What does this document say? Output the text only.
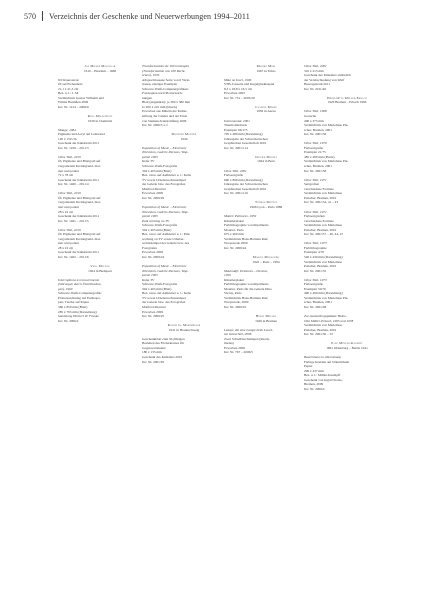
570 Verzeichnis der Geschenke und Neuerwerbungen 1994–2011
Jan Miense Molenaar
1610 – Haarlem – 1668
Wirtshausszene
Öl auf Eichenholz
21,1 x 21,3 cm
Bez. u. l.: J. M.
Vermächtnis Gustav Wilhelm und
Wilma Harmßen 2006
Inv. Nr. 1414 – 2006/6
Rosa Möllenhoff
1939 in Chemnitz
Muage, 1984
Pigmente und Acryl auf Leinwand
120 x 150 cm
Geschenk der Künstlerin 2011
Inv. Nr. 1459 – 2011/3
Ohne Titel, 2010
Öl, Pigmente und Blattgold auf
vergoldetem Kreidegrund, mat-
tiert und poliert
72 x 78 cm
Geschenk der Künstlerin 2011
Inv. Nr. 1460 – 2011/4
Ohne Titel, 2010
Öl, Pigmente und Blattgold auf
vergoldetem Kreidegrund, mat-
tiert und poliert
28 x 22 cm
Geschenk der Künstlerin 2011
Inv. Nr. 1461 – 2011/5
Ohne Titel, 2010
Öl, Pigmente und Blattgold auf
vergoldetem Kreidegrund, mat-
tiert und poliert
28 x 22 cm
Geschenk der Künstlerin 2011
Inv. Nr. 1462 – 2011/6
Vera Molnar
1924 in Budapest
Interruptions à recouvrements
(Störungen durch Überblendun-
gen), 1969
Schwarz-Weiß-Computergrafik:
Plotterzeichnung auf Endlospa-
pier, Tusche auf Papier
360 x 850 mm (Blatt)
285 x 765 mm (Darstellung)
Sammlung Herbert W. Franke
Inv. Nr. 2006/2
Transformations de 160 rectangles
(Transformation von 160 Recht-
ecken), 1976
Albgeschlossene Serie von 6 Varia-
tionen, einziges Exemplar
Schwarz-Weiß-Computergrafiken:
Fotokopien nach Plotterzeich-
nungen
Blatt (ungekürzt): je 390 x 380 mm
Je 200 x 210 mm (Druck)
Erworben aus Mitteln der Kultur-
stiftung der Länder und der Ernst
von Siemens Kunststiftung 2006
Inv. Nr. 2006/3 a–f
Manfred Montwé
1940
Exposition of Music – Electronic
Television, Galerie Parnass, Wup-
pertal 1963
Kuba TV
Schwarz-Weiß-Fotografie
304 x 405 mm (Blatt)
Bez. verso auf Aufkleber u. l.: Kuba
TV sowie Urheberrechtsstempel
der Galerie bzw. des Fotografen
Manfred Montwé
Erworben 2009
Inv. Nr. 2009/26
Exposition of Music – Electronic
Television, Galerie Parnass, Wup-
pertal 1963
Paik working on TV
Schwarz-Weiß-Fotografie
304 x 405 mm (Blatt)
Bez. verso auf Aufkleber u. l.: Paik
working on TV sowie Urheber-
rechtsstempel der Galerie bzw. des
Fotografen
Erworben 2009
Inv. Nr. 2009/24
Exposition of Music – Electronic
Television, Galerie Parnass, Wup-
pertal 1963
Kuba TV
Schwarz-Weiß-Fotografie
304 x 405 mm (Blatt)
Bez. verso auf Aufkleber u. l.: Kuba
TV sowie Urheberrechtsstempel
der Galerie bzw. des Fotografen
Manfred Montwé
Erworben 2009
Inv. Nr. 2009/25
Rainer G. Mordmüller
1941 in Braunschweig
Geschenkblatt zum 50-jährigen
Bestehen des Förderkreises für
Gegenwartskunst
180 x 135 mm
Geschenk des Künstlers 2001
Inv. Nr. 2001/65
Mariko Mori
1967 in Tokio
Miko no Inori, 1996
VHS-Cassette und Kugelglasklaspiel
8,3 x 18,8 x 16,5 cm
Erworben 2003
Inv. Nr. 751 – 2003/20
Claudio Moser
1959 in Aarau
Instrumental, 2001
Thermotintdruck
Exemplar 96/175
705 x 489 mm (Darstellung)
Jahresgabe der Schweizerischen
Graphischen Gesellschaft 2001
Inv. Nr. 2001/114
Olivier Mosset
1944 in Bern
Ohne Titel, 2001
Farbserigrafie
660 x 860 mm (Darstellung)
Jahresgabe der Schweizerischen
Graphischen Gesellschaft 2001
Inv. Nr. 2001/116
Thomas Mottet
1906 Lyon – Paris 1988
Mottet: Peintures, 1959
Künstlerplakat
Farblithographie von Imprimerie
Mourlot, Paris
675 x 460 mm
Vermächtnis Hans-Herman Rief,
Worpswede 2009
Inv. Nr. 2009/44
Marcel Mouloudji
1922 – Paris – 1994
Mouloudji: Peintures – Dessins,
1950
Künstlerplakat
Farblithographie von Imprimerie
Mourlot, Paris für die Galerie Dina
Vierny, Paris
Vermächtnis Hans-Herman Rief,
Worpswede, 2009
Inv. Nr. 2009/45
Horst Müller
1949 in Bremen
Lampe, die eine Lampe beim Leuch-
ten beleuchtet, 2006
Zwei Schreibtischlampen (Ready-
mades)
Erworben 2006
Inv. Nr. 767 – 2006/5
Ohne Titel, 2001
310 x 215 mm
Geschenk des Künstlers anlässlich
der Verabschiedung von Wulf
Herzogenrath 2011
Inv. Nr. 2011/46
Heinz-Otto Müller-Erbach
1920 Bremen – Erbach 1984
Ohne Titel, 1968
Gouache
400 x 375 mm
Vermächtnis von Marieliese Put-
scher, Bremen, 2001
Inv. Nr. 2001/36
Ohne Titel, 1970
Farbserigrafie
Exemplar 21/75
485 x 490 mm (Platte)
Vermächtnis von Marieliese Put-
scher, Bremen, 2001
Inv. Nr. 2001/36
Ohne Titel, 1971
Serigrafien
verschiedene Formate
Vermächtnis von Marieliese
Putscher, Bremen, 2001
Inv. Nr. 2001/34, 41 – 43
Ohne Titel, 1971
Farbserigrafien
verschiedene Formate
Vermächtnis von Marieliese
Putscher, Bremen, 2001
Inv. Nr. 2001/37 – 40, 44, 47
Ohne Titel, 1973
Farblithographie
Exemplar 4/70
540 x 430 mm (Darstellung)
Vermächtnis von Marieliese
Putscher, Bremen, 2001
Inv. Nr. 2001/35
Ohne Titel, 1973
Farbserigrafie
Exemplar 50/70
490 x 490 mm (Darstellung)
Vermächtnis von Marieliese Put-
scher, Bremen, 2001
Inv. Nr. 2001/48
Zur Ausstellungsplakate Heinz-
Otto Müller-Erbach, 1965 und 1978
Vermächtnis von Marieliese
Putscher, Bremen, 2001
Inv. Nr. 2001/50 – 53
Paul Müller-Kaempff
1861 Oldenburg – Berlin 1941
Bauernhaus in Ahrenshoop
Farbige Kreiden auf bräunlichem
Papier
296 x 437 mm
Bez. u. l.: Müller-Kaempff
Geschenk von Ingrid Stolze,
Bremen, 2009
Inv. Nr. 2009/4
